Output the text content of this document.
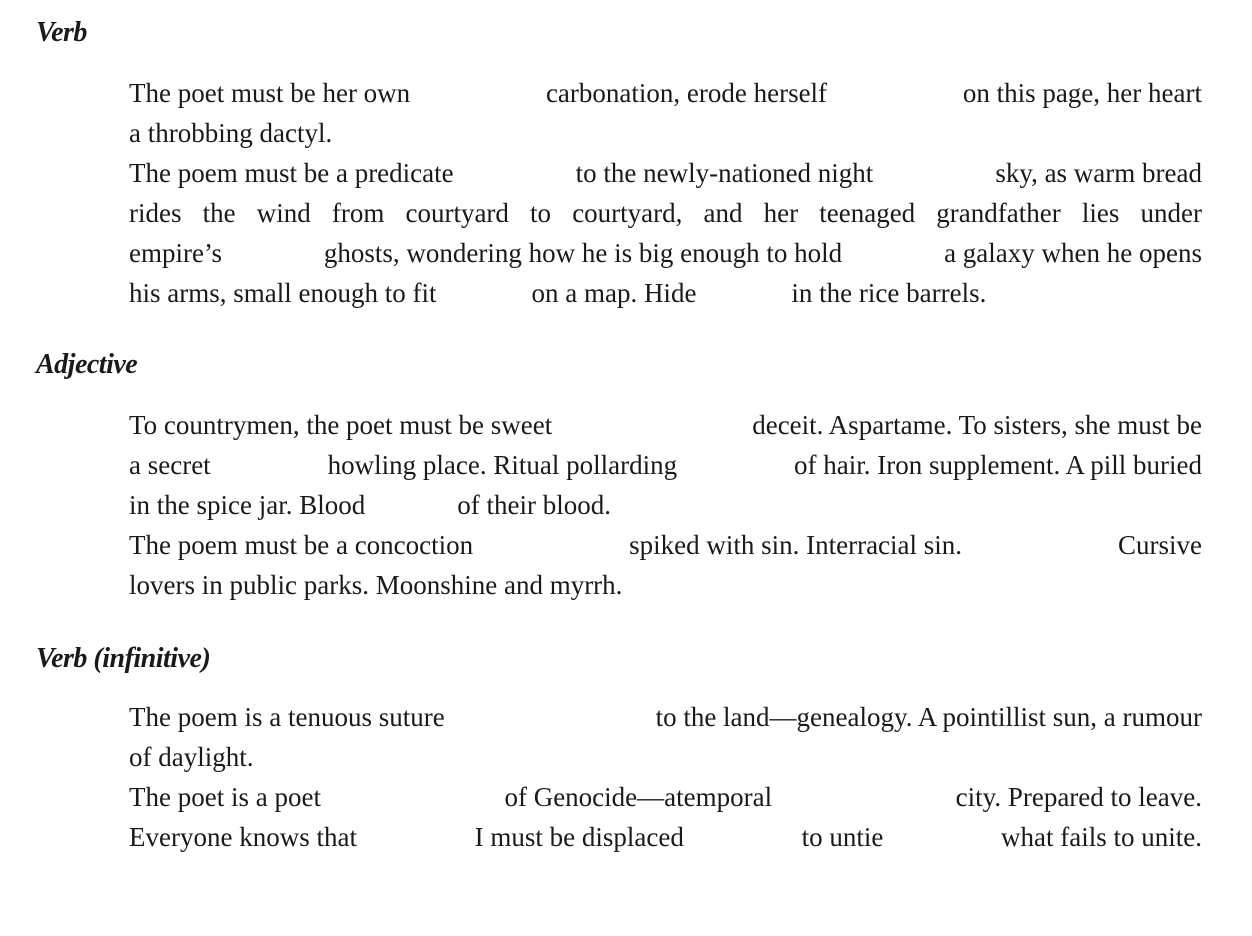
Verb
The poet must be her own	carbonation, erode herself	on this page, her heart
a throbbing dactyl.
The poem must be a predicate	to the newly-nationed night	sky, as warm bread
rides the wind from courtyard to courtyard, and her teenaged grandfather lies under
empire’s	ghosts, wondering how he is big enough to hold	a galaxy when he opens
his arms, small enough to fit	on a map. Hide	in the rice barrels.
Adjective
To countrymen, the poet must be sweet	deceit. Aspartame. To sisters, she must be
a secret	howling place. Ritual pollarding	of hair. Iron supplement. A pill buried
in the spice jar. Blood	of their blood.
The poem must be a concoction	spiked with sin. Interracial sin.	Cursive
lovers in public parks. Moonshine and myrrh.
Verb (infinitive)
The poem is a tenuous suture	to the land—genealogy. A pointillist sun, a rumour
of daylight.
The poet is a poet	of Genocide—atemporal	city. Prepared to leave.
Everyone knows that	I must be displaced	to untie	what fails to unite.
